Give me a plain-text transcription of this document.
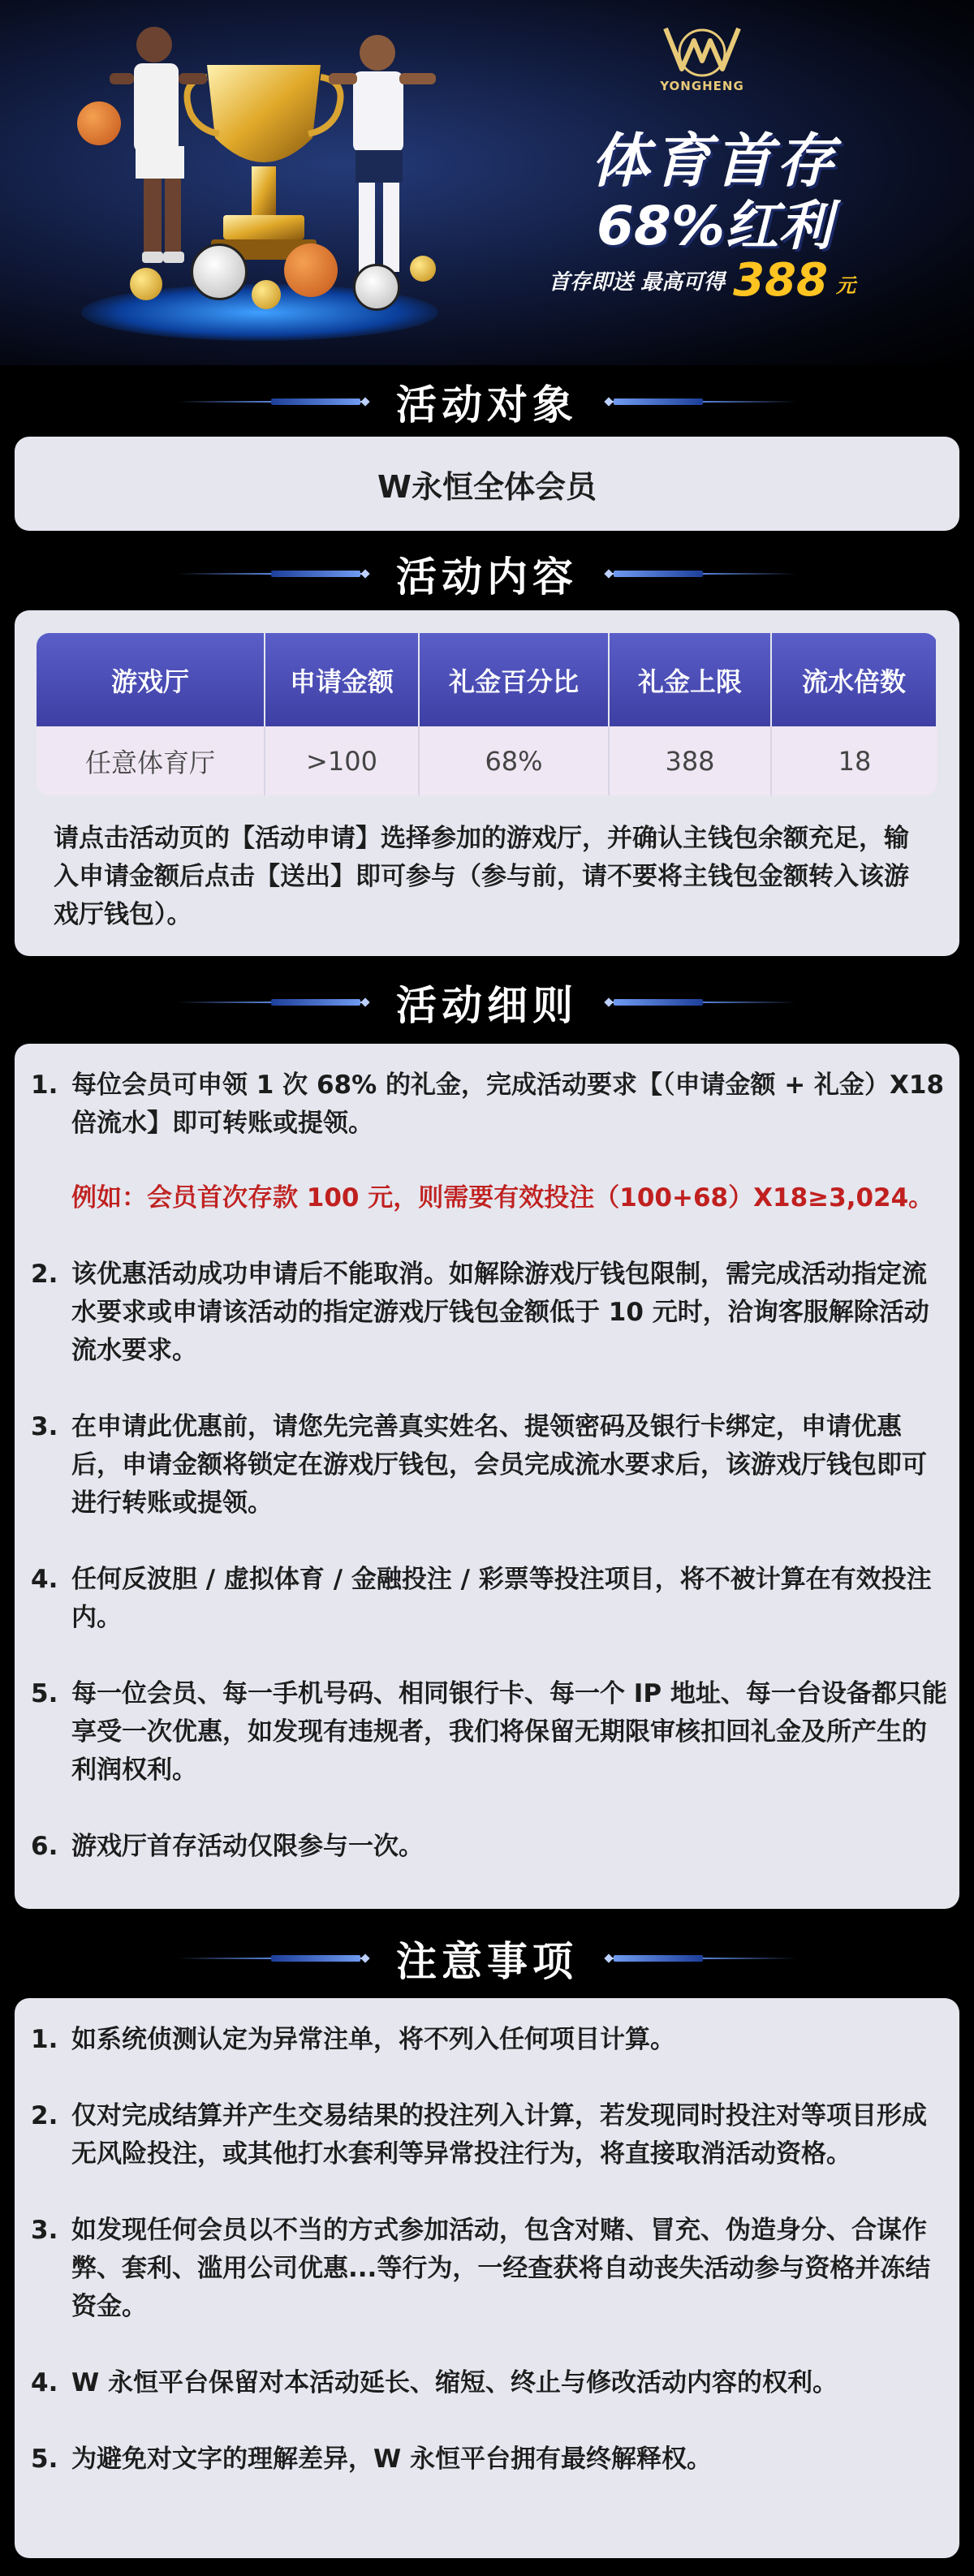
YONGHENG
体育首存
68%红利
首存即送 最高可得 388 元
活动对象
W永恒全体会员
活动内容
游戏厅	申请金额	礼金百分比	礼金上限	流水倍数
任意体育厅	>100	68%	388	18
请点击活动页的【活动申请】选择参加的游戏厅，并确认主钱包余额充足，输入申请金额后点击【送出】即可参与（参与前，请不要将主钱包金额转入该游戏厅钱包）。
活动细则
1. 每位会员可申领 1 次 68% 的礼金，完成活动要求【（申请金额 + 礼金）X18 倍流水】即可转账或提领。
例如：会员首次存款 100 元，则需要有效投注（100+68）X18≥3,024。
2. 该优惠活动成功申请后不能取消。如解除游戏厅钱包限制，需完成活动指定流水要求或申请该活动的指定游戏厅钱包金额低于 10 元时，洽询客服解除活动流水要求。
3. 在申请此优惠前，请您先完善真实姓名、提领密码及银行卡绑定，申请优惠后，申请金额将锁定在游戏厅钱包，会员完成流水要求后，该游戏厅钱包即可进行转账或提领。
4. 任何反波胆 / 虚拟体育 / 金融投注 / 彩票等投注项目，将不被计算在有效投注内。
5. 每一位会员、每一手机号码、相同银行卡、每一个 IP 地址、每一台设备都只能享受一次优惠，如发现有违规者，我们将保留无期限审核扣回礼金及所产生的利润权利。
6. 游戏厅首存活动仅限参与一次。
注意事项
1. 如系统侦测认定为异常注单，将不列入任何项目计算。
2. 仅对完成结算并产生交易结果的投注列入计算，若发现同时投注对等项目形成无风险投注，或其他打水套利等异常投注行为，将直接取消活动资格。
3. 如发现任何会员以不当的方式参加活动，包含对赌、冒充、伪造身分、合谋作弊、套利、滥用公司优惠...等行为，一经查获将自动丧失活动参与资格并冻结资金。
4. W 永恒平台保留对本活动延长、缩短、终止与修改活动内容的权利。
5. 为避免对文字的理解差异，W 永恒平台拥有最终解释权。
